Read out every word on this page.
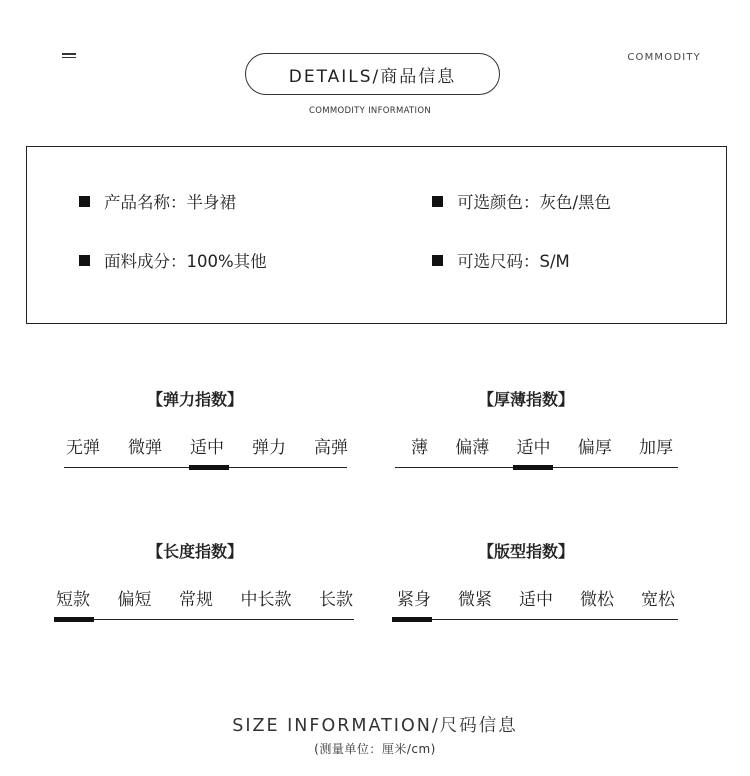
COMMODITY
DETAILS/商品信息
COMMODITY INFORMATION
产品名称：半身裙	可选颜色：灰色/黑色
面料成分：100%其他	可选尺码：S/M
【弹力指数】
无弹 微弹 适中 弹力 高弹
【厚薄指数】
薄 偏薄 适中 偏厚 加厚
【长度指数】
短款 偏短 常规 中长款 长款
【版型指数】
紧身 微紧 适中 微松 宽松
SIZE INFORMATION/尺码信息
(测量单位：厘米/cm)
